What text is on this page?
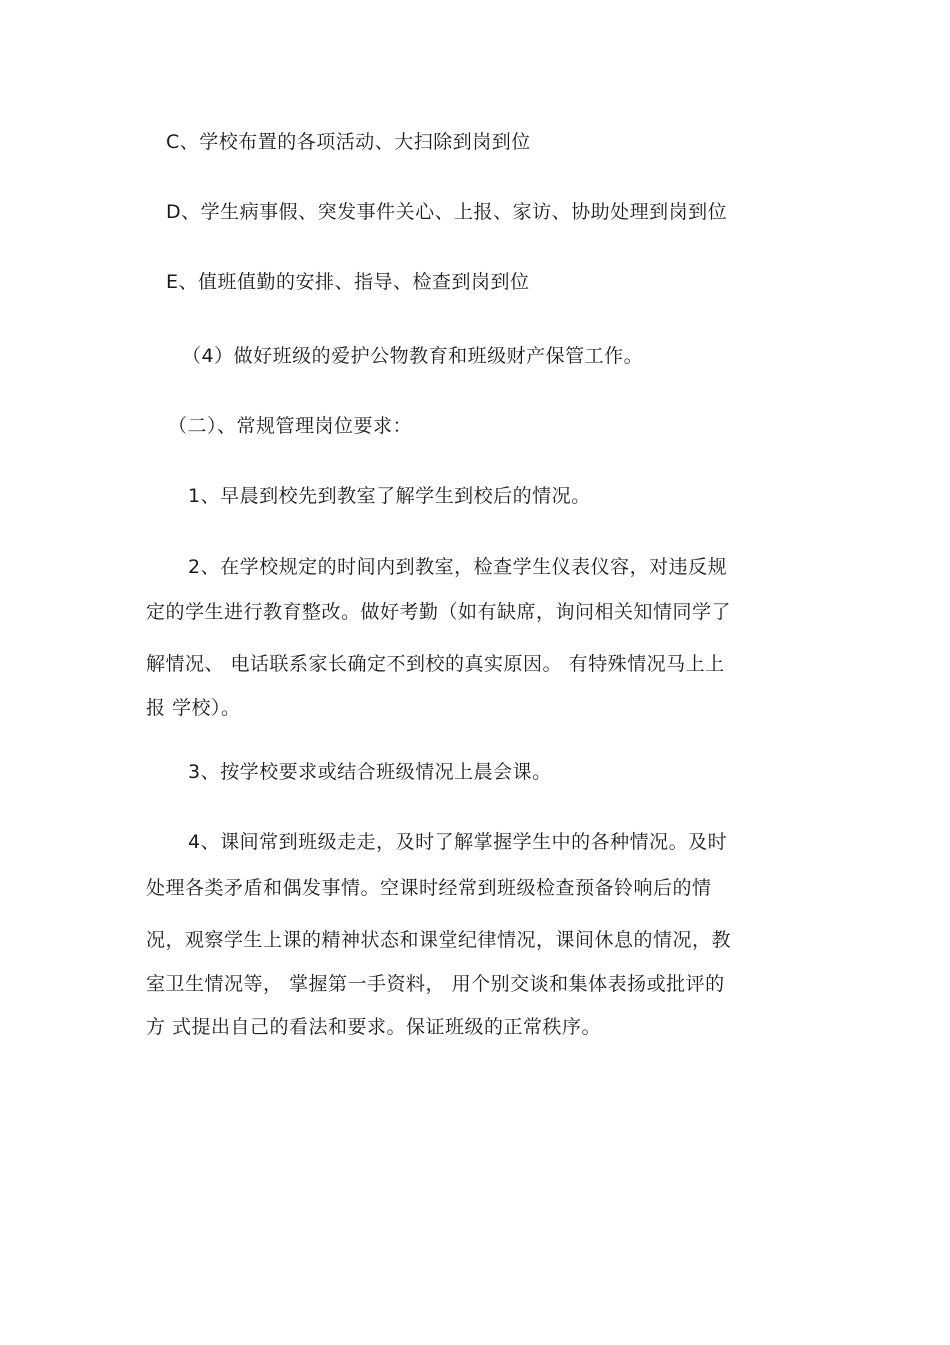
C、学校布置的各项活动、大扫除到岗到位
D、学生病事假、突发事件关心、上报、家访、协助处理到岗到位
E、值班值勤的安排、指导、检查到岗到位
（4）做好班级的爱护公物教育和班级财产保管工作。
（二）、常规管理岗位要求：
1、早晨到校先到教室了解学生到校后的情况。
2、在学校规定的时间内到教室，检查学生仪表仪容，对违反规
定的学生进行教育整改。做好考勤（如有缺席，询问相关知情同学了
解情况、 电话联系家长确定不到校的真实原因。 有特殊情况马上上
报 学校）。
3、按学校要求或结合班级情况上晨会课。
4、课间常到班级走走，及时了解掌握学生中的各种情况。及时
处理各类矛盾和偶发事情。空课时经常到班级检查预备铃响后的情
况，观察学生上课的精神状态和课堂纪律情况，课间休息的情况，教
室卫生情况等， 掌握第一手资料， 用个别交谈和集体表扬或批评的
方 式提出自己的看法和要求。保证班级的正常秩序。
